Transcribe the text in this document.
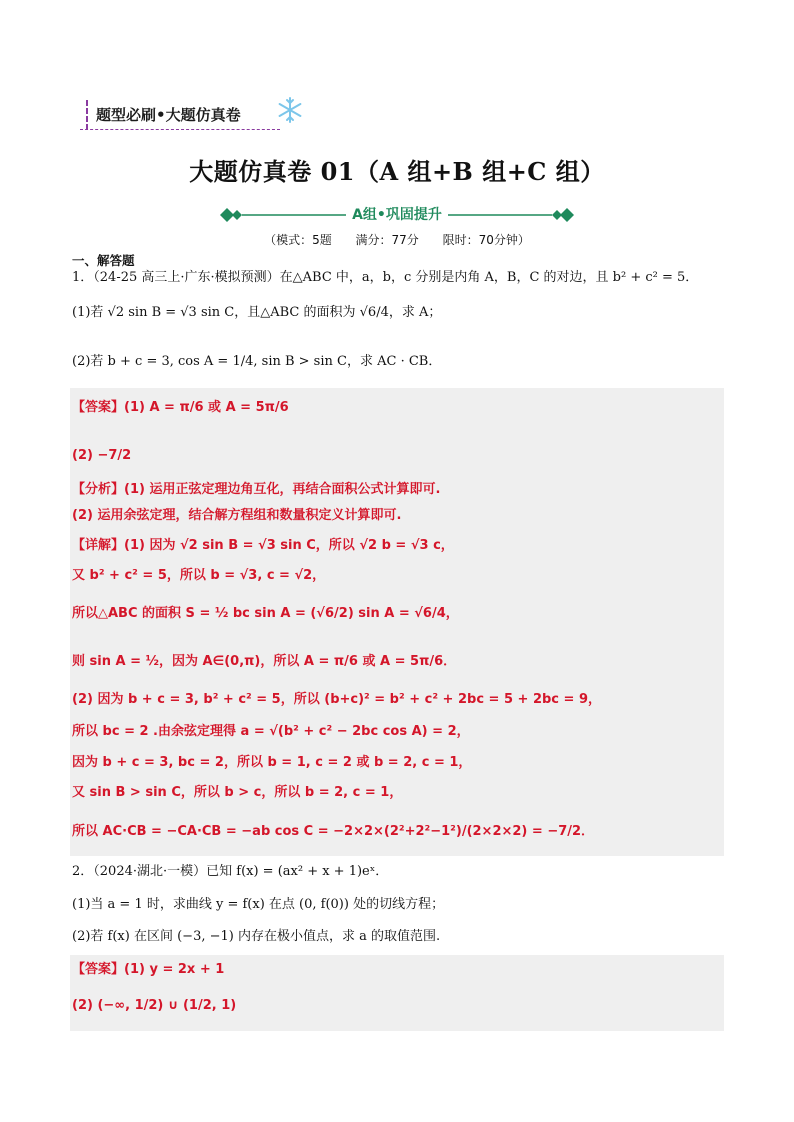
题型必刷•大题仿真卷
大题仿真卷 01（A 组+B 组+C 组）
A组•巩固提升
（模式：5题 满分：77分 限时：70分钟）
一、解答题
1．（24-25 高三上·广东·模拟预测）在△ABC 中，a，b，c 分别是内角 A，B，C 的对边，且 b² + c² = 5．
(1)若 √2 sin B = √3 sin C，且△ABC 的面积为 √6/4，求 A；
(2)若 b + c = 3, cos A = 1/4, sin B > sin C，求 AC · CB．
【答案】(1) A = π/6 或 A = 5π/6
(2) −7/2
【分析】(1) 运用正弦定理边角互化，再结合面积公式计算即可.
(2) 运用余弦定理，结合解方程组和数量积定义计算即可.
【详解】(1) 因为 √2 sin B = √3 sin C，所以 √2 b = √3 c，
又 b² + c² = 5，所以 b = √3, c = √2，
所以△ABC 的面积 S = ½ bc sin A = (√6/2) sin A = √6/4，
则 sin A = ½，因为 A∈(0,π)，所以 A = π/6 或 A = 5π/6．
(2) 因为 b + c = 3, b² + c² = 5，所以 (b+c)² = b² + c² + 2bc = 5 + 2bc = 9，
所以 bc = 2 .由余弦定理得 a = √(b² + c² − 2bc cos A) = 2，
因为 b + c = 3, bc = 2，所以 b = 1, c = 2 或 b = 2, c = 1，
又 sin B > sin C，所以 b > c，所以 b = 2, c = 1，
所以 AC·CB = −CA·CB = −ab cos C = −2×2×(2²+2²−1²)/(2×2×2) = −7/2．
2．（2024·湖北·一模）已知 f(x) = (ax² + x + 1)eˣ．
(1)当 a = 1 时，求曲线 y = f(x) 在点 (0, f(0)) 处的切线方程；
(2)若 f(x) 在区间 (−3, −1) 内存在极小值点，求 a 的取值范围.
【答案】(1) y = 2x + 1
(2) (−∞, 1/2) ∪ (1/2, 1)
